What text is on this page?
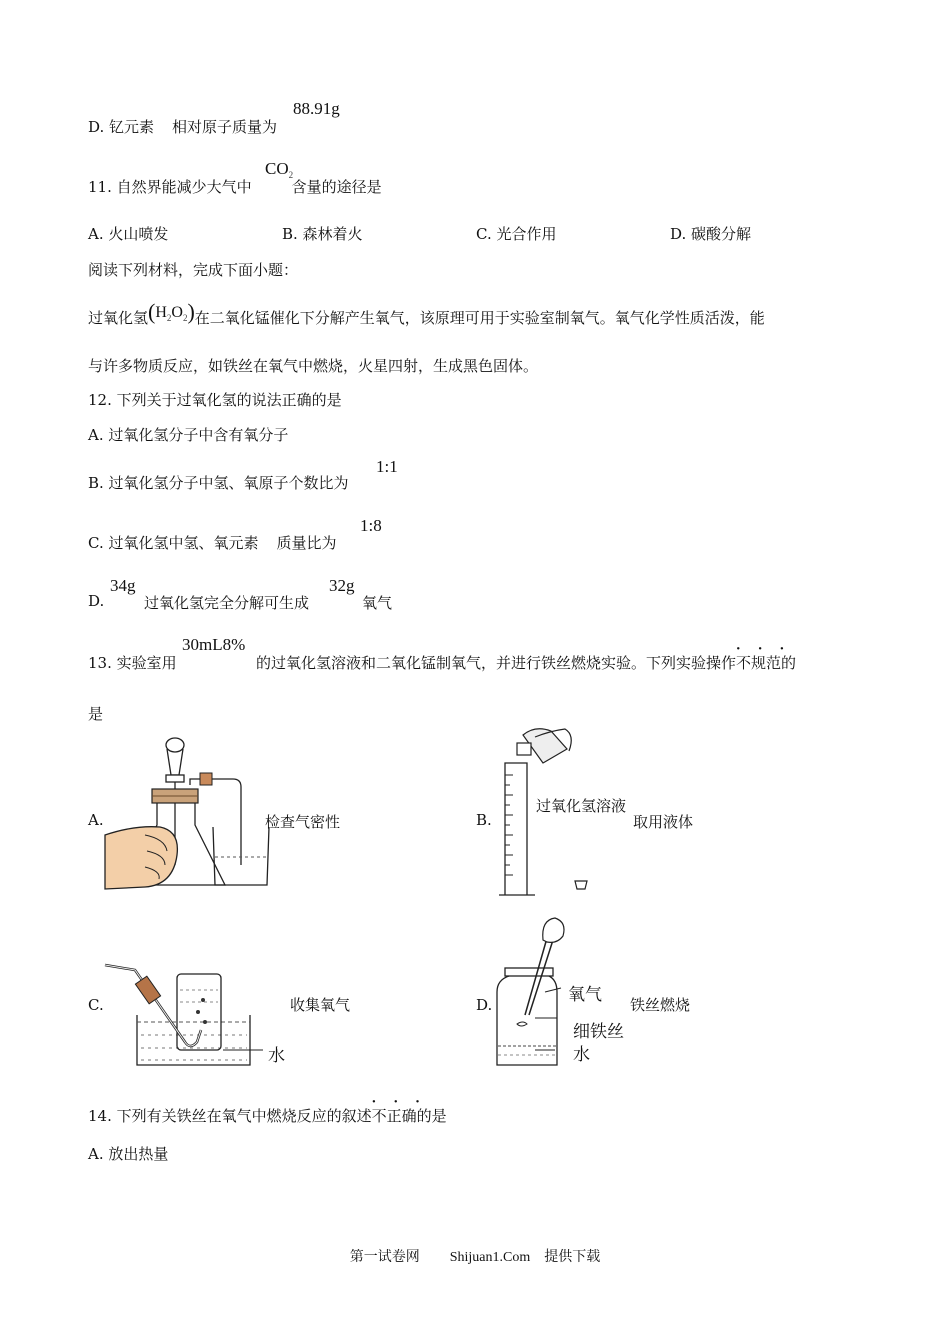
D. 钇元素 相对原子质量为
88.91g
11. 自然界能减少大气中	含量的途径是
$CO_2$
A. 火山喷发	B. 森林着火	C. 光合作用	D. 碳酸分解
阅读下列材料，完成下面小题：
过氧化氢$(H_2O_2)$在二氧化锰催化下分解产生氧气，该原理可用于实验室制氧气。氧气化学性质活泼，能
与许多物质反应，如铁丝在氧气中燃烧，火星四射，生成黑色固体。
12. 下列关于过氧化氢的说法正确的是
A. 过氧化氢分子中含有氧分子
B. 过氧化氢分子中氢、氧原子个数比为
1:1
C. 过氧化氢中氢、氧元素 质量比为
1:8
D.
34g
过氧化氢完全分解可生成
32g
氧气
13. 实验室用
30mL8%
的过氧化氢溶液和二氧化锰制氧气，并进行铁丝燃烧实验。下列实验操作不规范
· · ·
的
是
A.	检查气密性	B.
过氧化氢溶液
取用液体
C.
水
收集氧气	D.	氧气
细铁丝
水
铁丝燃烧
14. 下列有关铁丝在氧气中燃烧反应的叙述不正确
· · ·
的是
A. 放出热量
第一试卷网 Shijuan1.Com 提供下载
